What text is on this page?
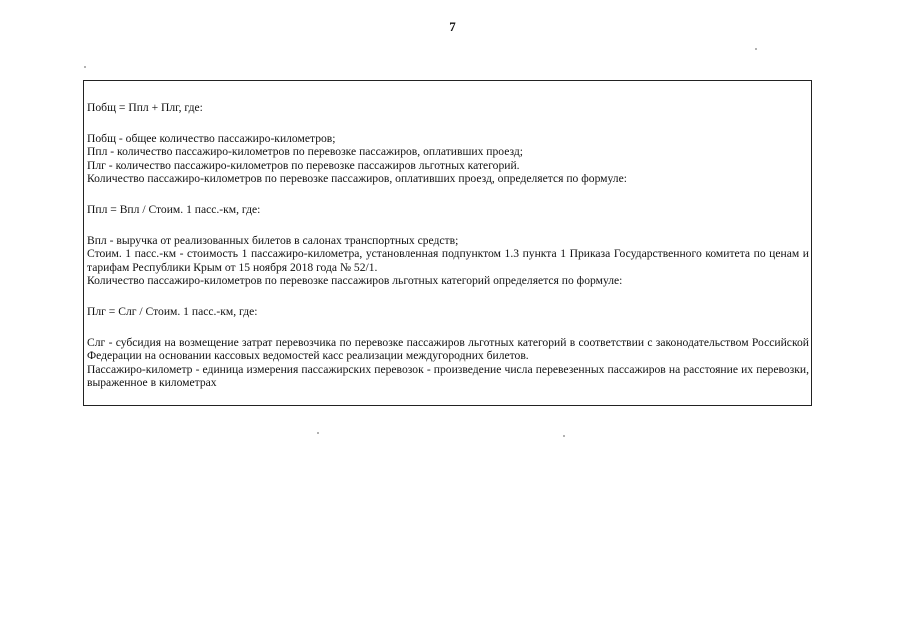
7

Побщ = Ппл + Плг, где:

Побщ - общее количество пассажиро-километров;

Ппл - количество пассажиро-километров по перевозке пассажиров, оплативших проезд;

Плг - количество пассажиро-километров по перевозке пассажиров льготных категорий.

Количество пассажиро-километров по перевозке пассажиров, оплативших проезд, определяется по формуле:

Ппл = Впл / Стоим. 1 пасс.-км, где:

Впл - выручка от реализованных билетов в салонах транспортных средств;

Стоим. 1 пасс.-км - стоимость 1 пассажиро-километра, установленная подпунктом 1.3 пункта 1 Приказа Государственного комитета по ценам и тарифам Республики Крым от 15 ноября 2018 года № 52/1.

Количество пассажиро-километров по перевозке пассажиров льготных категорий определяется по формуле:

Плг = Слг / Стоим. 1 пасс.-км, где:

Слг - субсидия на возмещение затрат перевозчика по перевозке пассажиров льготных категорий в соответствии с законодательством Российской Федерации на основании кассовых ведомостей касс реализации междугородних билетов.

Пассажиро-километр - единица измерения пассажирских перевозок - произведение числа перевезенных пассажиров на расстояние их перевозки, выраженное в километрах
